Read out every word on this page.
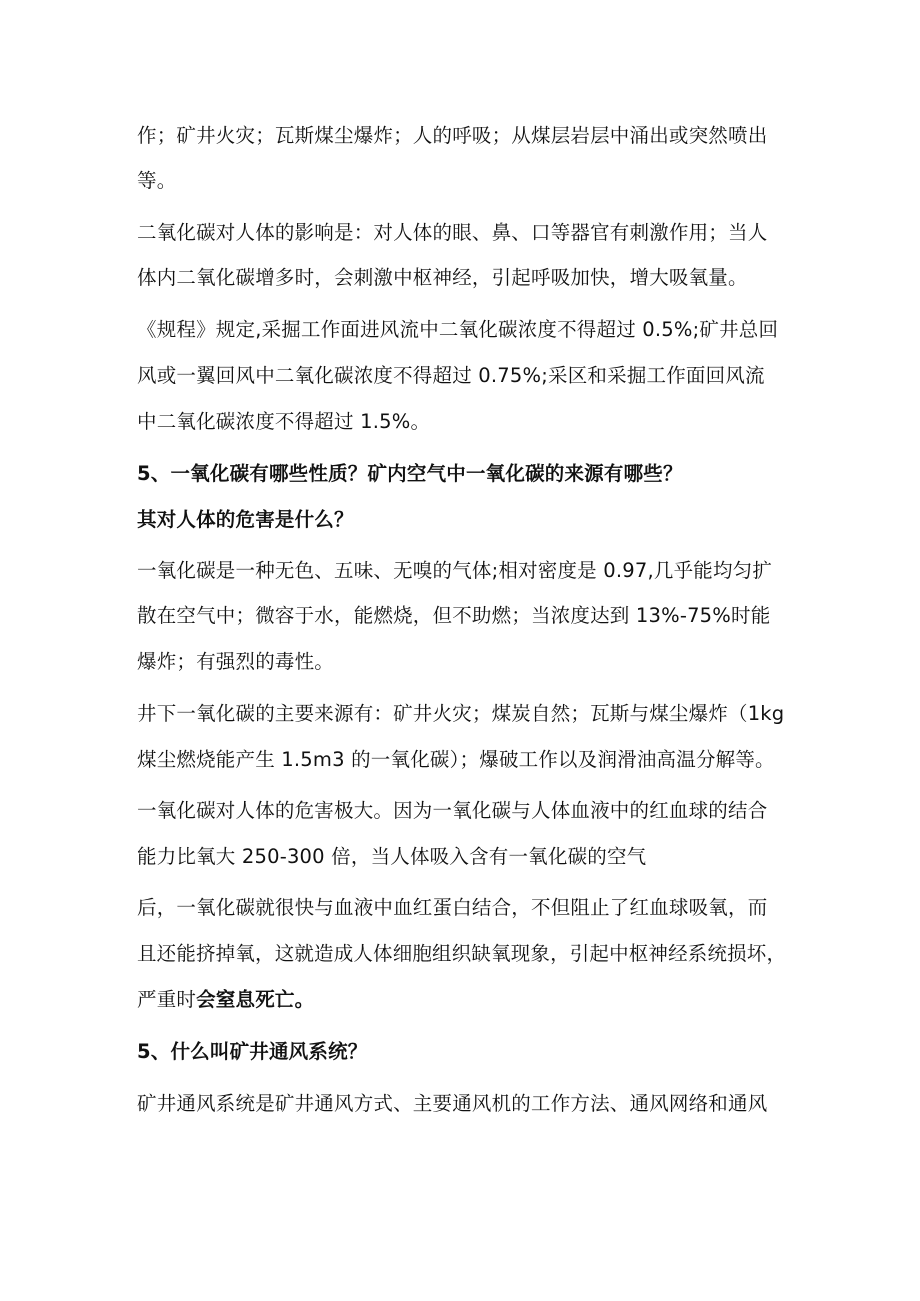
作；矿井火灾；瓦斯煤尘爆炸；人的呼吸；从煤层岩层中涌出或突然喷出
等。
二氧化碳对人体的影响是：对人体的眼、鼻、口等器官有刺激作用；当人
体内二氧化碳增多时，会刺激中枢神经，引起呼吸加快，增大吸氧量。
《规程》规定,采掘工作面进风流中二氧化碳浓度不得超过 0.5%;矿井总回
风或一翼回风中二氧化碳浓度不得超过 0.75%;采区和采掘工作面回风流
中二氧化碳浓度不得超过 1.5%。
5、一氧化碳有哪些性质？矿内空气中一氧化碳的来源有哪些？
其对人体的危害是什么？
一氧化碳是一种无色、五味、无嗅的气体;相对密度是 0.97,几乎能均匀扩
散在空气中；微容于水，能燃烧，但不助燃；当浓度达到 13%-75%时能
爆炸；有强烈的毒性。
井下一氧化碳的主要来源有：矿井火灾；煤炭自然；瓦斯与煤尘爆炸（1kg
煤尘燃烧能产生 1.5m3 的一氧化碳）；爆破工作以及润滑油高温分解等。
一氧化碳对人体的危害极大。因为一氧化碳与人体血液中的红血球的结合
能力比氧大 250-300 倍，当人体吸入含有一氧化碳的空气
后，一氧化碳就很快与血液中血红蛋白结合，不但阻止了红血球吸氧，而
且还能挤掉氧，这就造成人体细胞组织缺氧现象，引起中枢神经系统损坏，
严重时会窒息死亡。
5、什么叫矿井通风系统？
矿井通风系统是矿井通风方式、主要通风机的工作方法、通风网络和通风
